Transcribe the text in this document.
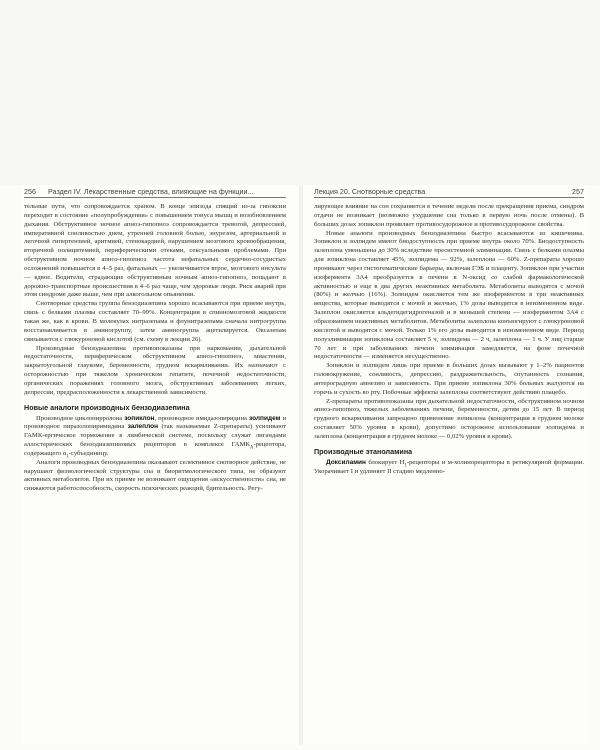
256 Раздел IV. Лекарственные средства, влияющие на функции...	Лекция 20. Снотворные средства	257

тельные пути, что сопровождается храпом. В конце эпизода спящий из-за гипоксии переходит в состояние «полупробуждения» с повышением тонуса мышц и возобновлением дыхания. Обструктивное ночное апноэ-гипопноэ сопровождается тревогой, депрессией, императивной сонливостью днем, утренней головной болью, энурезом, артериальной и легочной гипертензией, аритмией, стенокардией, нарушением мозгового кровообращения, вторичной полицитемией, периферическими отеками, сексуальными проблемами. При обструктивном ночном апноэ-гипопноэ частота нефатальных сердечно-сосудистых осложнений повышается в 4–5 раз, фатальных — увеличивается втрое, мозгового инсульта — вдвое. Водители, страдающие обструктивным ночным апноэ-гипопноэ, попадают в дорожно-транспортные происшествия в 4–6 раз чаще, чем здоровые люди. Риск аварий при этом синдроме даже выше, чем при алкогольном опьянении.

Снотворные средства группы бензодиазепина хорошо всасываются при приеме внутрь, связь с белками плазмы составляет 70–99%. Концентрация в спинномозговой жидкости такая же, как в крови. В молекулах нитразепама и флунитразепама сначала нитрогруппа восстанавливается в аминогруппу, затем аминогруппа ацетилируется. Оксазепам связывается с глюкуроновой кислотой (см. схему в лекции 26).

Производные бензодиазепина противопоказаны при наркомании, дыхательной недостаточности, периферическом обструктивном апноэ-гипопноэ, миастении, закрытоугольной глаукоме, беременности, грудном вскармливании. Их назначают с осторожностью при тяжелом хроническом гепатите, почечной недостаточности, органических поражениях головного мозга, обструктивных заболеваниях легких, депрессии, предрасположенности к лекарственной зависимости.

Новые аналоги производных бензодиазепина

Производное циклопирролона зопиклон, производное имидазопиридина золпидем и производное пиразолопиримидина залеплон (так называемые Z-препараты) усиливают ГАМК-ергическое торможение в лимбической системе, поскольку служат лигандами аллостерических бензодиазепиновых рецепторов в комплексе $ГАМК_A$-рецептора, содержащего $\alpha_1$-субъединицу.

Аналоги производных бензодиазепина оказывают селективное снотворное действие, не нарушают физиологической структуры сна и биоритмологического типа, не образуют активных метаболитов. При их приеме не возникают ощущения «искусственности» сна, не снижаются работоспособность, скорость психических реакций, бдительность. Регу-

лирующее влияние на сон сохраняется в течение недели после прекращения приема, синдром отдачи не возникает (возможно ухудшение сна только в первую ночь после отмены). В больших дозах зопиклон проявляет противосудорожное и противосудорожное свойства.

Новые аналоги производных бензодиазепина быстро всасываются из кишечника. Зопиклон и золпидем имеют биодоступность при приеме внутрь около 70%. Биодоступность залеплона уменьшена до 30% вследствие пресистемной элиминации. Связь с белками плазмы для зопиклона составляет 45%, золпидема — 92%, залеплона — 60%. Z-препараты хорошо проникают через гистогематические барьеры, включая ГЭБ и плаценту. Зопиклон при участии изофермента 3А4 преобразуется в печени в N-оксид со слабой фармакологической активностью и еще в два других неактивных метаболита. Метаболиты выводятся с мочой (80%) и желчью (16%). Золпидем окисляется тем же изоферментом в три неактивных вещества, которые выводятся с мочой и желчью, 1% дозы выводится в неизмененном виде. Залеплон окисляется альдегидегидрогеназой и в меньшей степени — изоферментом 3А4 с образованием неактивных метаболитов. Метаболиты залеплона конъюгируют с глюкуроновой кислотой и выводятся с мочой. Только 1% его дозы выводится в неизмененном виде. Период полуэлиминации зопиклона составляет 5 ч, золпидема — 2 ч, залеплона — 1 ч. У лиц старше 70 лет и при заболеваниях печени элиминация замедляется, на фоне почечной недостаточности — изменяется несущественно.

Зопиклон и золпидем лишь при приеме в больших дозах вызывают у 1–2% пациентов головокружение, сонливость, депрессию, раздражительность, спутанность сознания, антероградную амнезию и зависимость. При приеме зопиклона 30% больных жалуются на горечь и сухость во рту. Побочные эффекты залеплона соответствуют действию плацебо.

Z-препараты противопоказаны при дыхательной недостаточности, обструктивном ночном апноэ-гипопноэ, тяжелых заболеваниях печени, беременности, детям до 15 лет. В период грудного вскармливания запрещено применение зопиклона (концентрация в грудном молоке составляет 50% уровня в крови), допустимо осторожное использование золпидема и залеплона (концентрация в грудном молоке — 0,02% уровня в крови).

Производные этаноламина

Доксиламин блокирует $H_1$-рецепторы и м-холинорецепторы в ретикулярной формации. Укорачивает I и удлиняет II стадию медленно-
